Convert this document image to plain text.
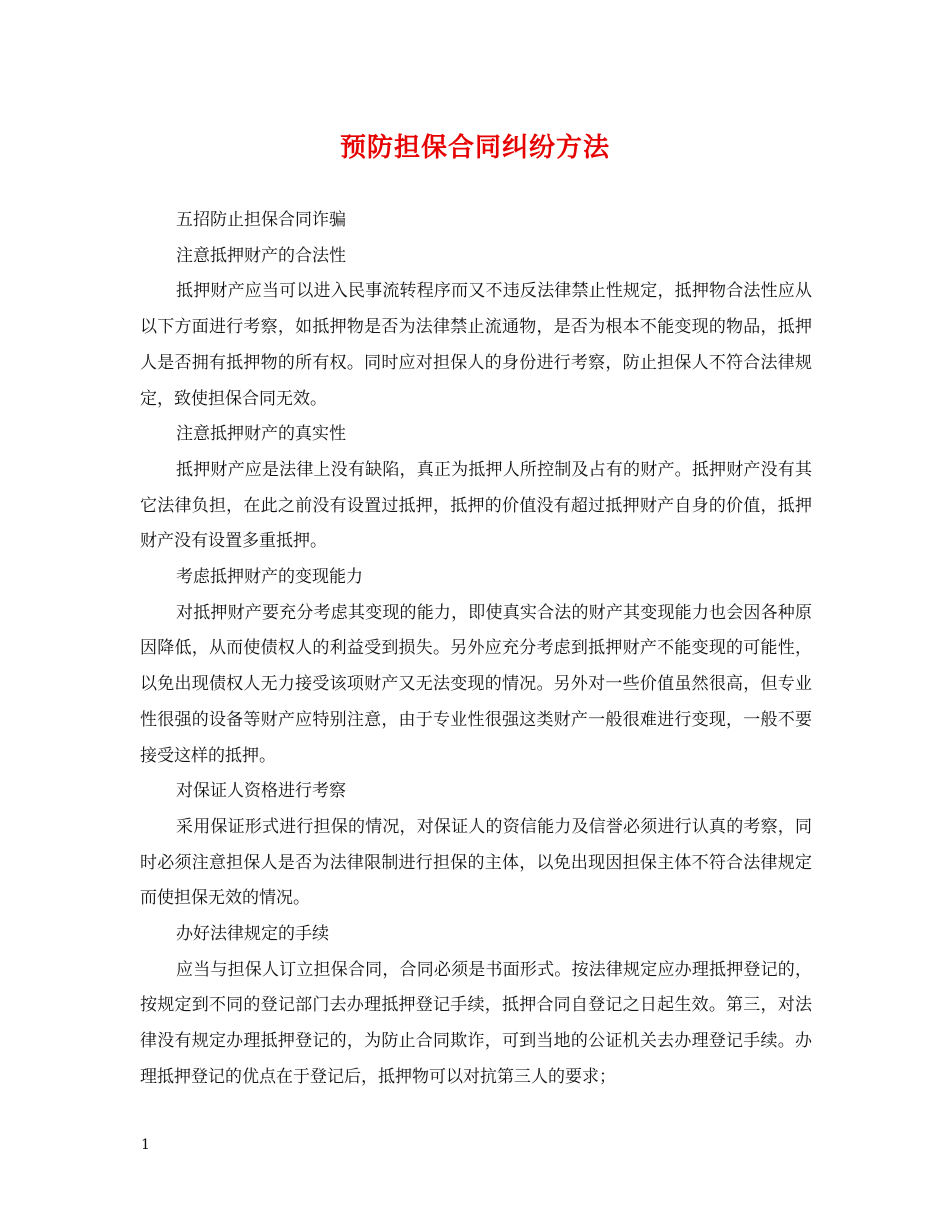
预防担保合同纠纷方法

五招防止担保合同诈骗

注意抵押财产的合法性

抵押财产应当可以进入民事流转程序而又不违反法律禁止性规定，抵押物合法性应从以下方面进行考察，如抵押物是否为法律禁止流通物，是否为根本不能变现的物品，抵押人是否拥有抵押物的所有权。同时应对担保人的身份进行考察，防止担保人不符合法律规定，致使担保合同无效。

注意抵押财产的真实性

抵押财产应是法律上没有缺陷，真正为抵押人所控制及占有的财产。抵押财产没有其它法律负担，在此之前没有设置过抵押，抵押的价值没有超过抵押财产自身的价值，抵押财产没有设置多重抵押。

考虑抵押财产的变现能力

对抵押财产要充分考虑其变现的能力，即使真实合法的财产其变现能力也会因各种原因降低，从而使债权人的利益受到损失。另外应充分考虑到抵押财产不能变现的可能性，以免出现债权人无力接受该项财产又无法变现的情况。另外对一些价值虽然很高，但专业性很强的设备等财产应特别注意，由于专业性很强这类财产一般很难进行变现，一般不要接受这样的抵押。

对保证人资格进行考察

采用保证形式进行担保的情况，对保证人的资信能力及信誉必须进行认真的考察，同时必须注意担保人是否为法律限制进行担保的主体，以免出现因担保主体不符合法律规定而使担保无效的情况。

办好法律规定的手续

应当与担保人订立担保合同，合同必须是书面形式。按法律规定应办理抵押登记的，按规定到不同的登记部门去办理抵押登记手续，抵押合同自登记之日起生效。第三，对法律没有规定办理抵押登记的，为防止合同欺诈，可到当地的公证机关去办理登记手续。办理抵押登记的优点在于登记后，抵押物可以对抗第三人的要求；

1
